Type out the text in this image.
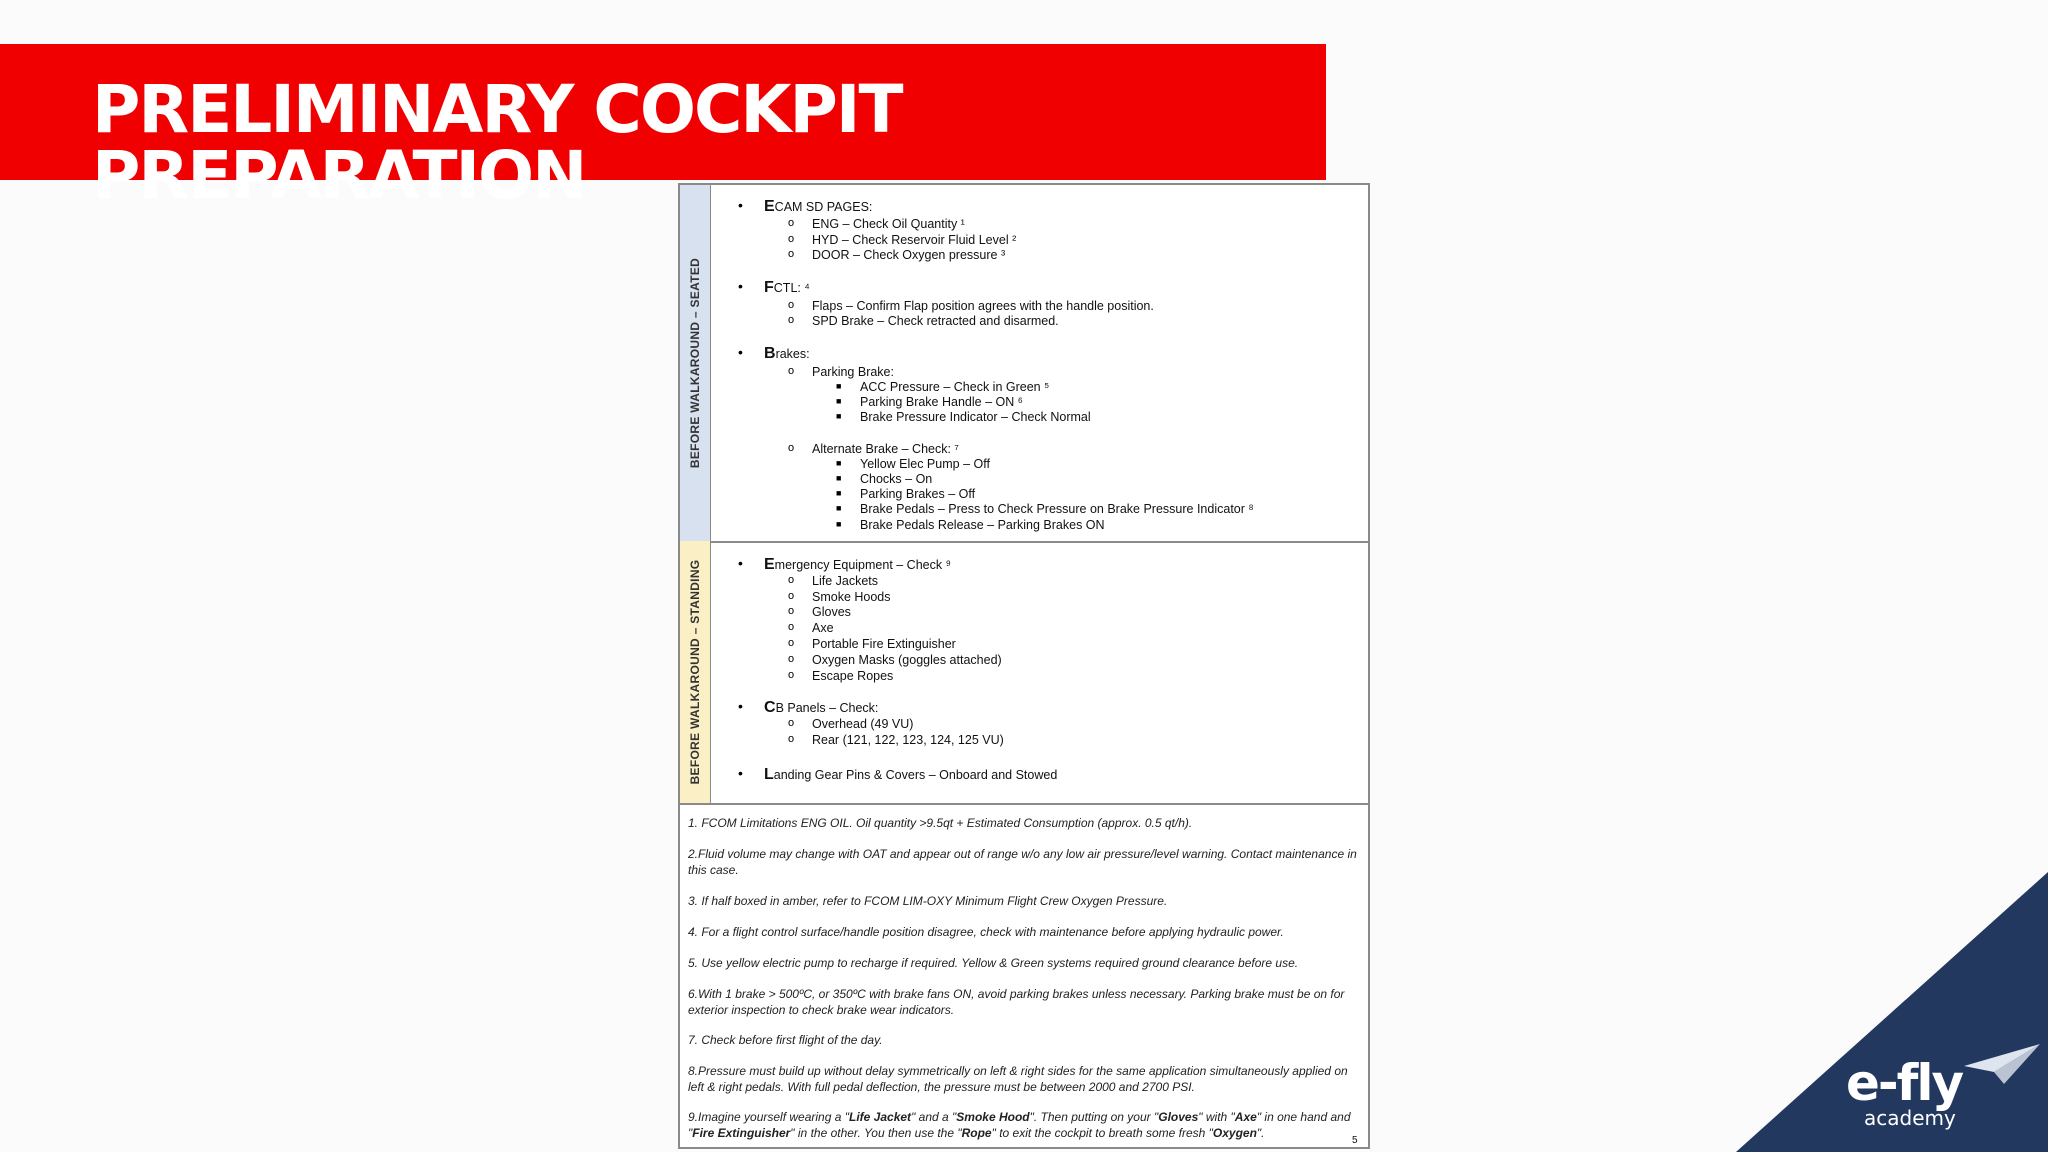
PRELIMINARY COCKPIT PREPARATION
BEFORE WALKAROUND – SEATED
• ECAM SD PAGES:
o ENG – Check Oil Quantity ¹
o HYD – Check Reservoir Fluid Level ²
o DOOR – Check Oxygen pressure ³
• FCTL: ⁴
o Flaps – Confirm Flap position agrees with the handle position.
o SPD Brake – Check retracted and disarmed.
• Brakes:
o Parking Brake:
■ ACC Pressure – Check in Green ⁵
■ Parking Brake Handle – ON ⁶
■ Brake Pressure Indicator – Check Normal
o Alternate Brake – Check: ⁷
■ Yellow Elec Pump – Off
■ Chocks – On
■ Parking Brakes – Off
■ Brake Pedals – Press to Check Pressure on Brake Pressure Indicator ⁸
■ Brake Pedals Release – Parking Brakes ON
BEFORE WALKAROUND – STANDING	• Emergency Equipment – Check ⁹
o Life Jackets
o Smoke Hoods
o Gloves
o Axe
o Portable Fire Extinguisher
o Oxygen Masks (goggles attached)
o Escape Ropes
• CB Panels – Check:
o Overhead (49 VU)
o Rear (121, 122, 123, 124, 125 VU)
• Landing Gear Pins & Covers – Onboard and Stowed
1. FCOM Limitations ENG OIL. Oil quantity >9.5qt + Estimated Consumption (approx. 0.5 qt/h).
2.Fluid volume may change with OAT and appear out of range w/o any low air pressure/level warning. Contact maintenance in this case.
3. If half boxed in amber, refer to FCOM LIM-OXY Minimum Flight Crew Oxygen Pressure.
4. For a flight control surface/handle position disagree, check with maintenance before applying hydraulic power.
5. Use yellow electric pump to recharge if required. Yellow & Green systems required ground clearance before use.
6.With 1 brake > 500ºC, or 350ºC with brake fans ON, avoid parking brakes unless necessary. Parking brake must be on for exterior inspection to check brake wear indicators.
7. Check before first flight of the day.
8.Pressure must build up without delay symmetrically on left & right sides for the same application simultaneously applied on left & right pedals. With full pedal deflection, the pressure must be between 2000 and 2700 PSI.
9.Imagine yourself wearing a "Life Jacket" and a "Smoke Hood". Then putting on your "Gloves" with "Axe" in one hand and "Fire Extinguisher" in the other. You then use the "Rope" to exit the cockpit to breath some fresh "Oxygen".
5
e-fly
academy
